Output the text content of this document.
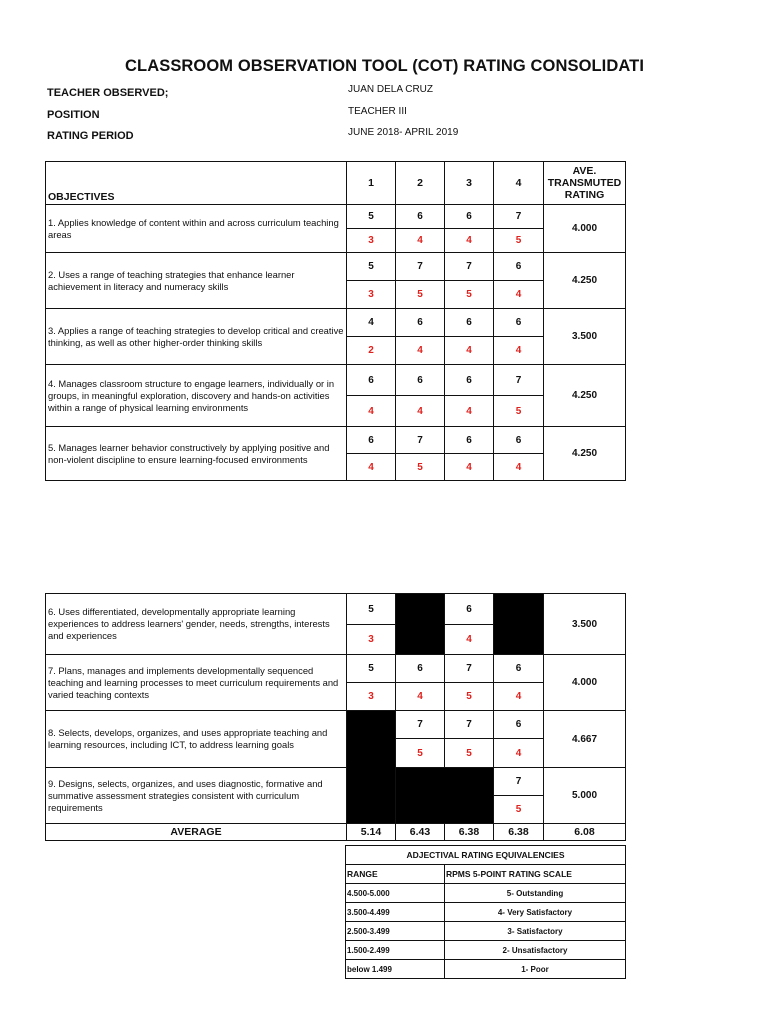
CLASSROOM OBSERVATION TOOL (COT) RATING CONSOLIDATI
TEACHER OBSERVED;	JUAN DELA CRUZ
POSITION	TEACHER III
RATING PERIOD	JUNE 2018- APRIL 2019
OBJECTIVES	1	2	3	4	AVE. TRANSMUTED RATING

1. Applies knowledge of content within and across curriculum teaching areas	5	6	6	7	4.000
	3	4	4	5	

2. Uses a range of teaching strategies that enhance learner achievement in literacy and numeracy skills	5	7	7	6	4.250
	3	5	5	4	

3. Applies a range of teaching strategies to develop critical and creative thinking, as well as other higher-order thinking skills	4	6	6	6	3.500
	2	4	4	4	

4. Manages classroom structure to engage learners, individually or in groups, in meaningful exploration, discovery and hands-on activities within a range of physical learning environments	6	6	6	7	4.250
	4	4	4	5	

5. Manages learner behavior constructively by applying positive and non-violent discipline to ensure learning-focused environments	6	7	6	6	4.250
	4	5	4	4	
6. Uses differentiated, developmentally appropriate learning experiences to address learners' gender, needs, strengths, interests and experiences	5		6		3.500
	3		4		

7. Plans, manages and implements developmentally sequenced teaching and learning processes to meet curriculum requirements and varied teaching contexts	5	6	7	6	4.000
	3	4	5	4	

8. Selects, develops, organizes, and uses appropriate teaching and learning resources, including ICT, to address learning goals		7	7	6	4.667
		5	5	4	

9. Designs, selects, organizes, and uses diagnostic, formative and summative assessment strategies consistent with curriculum requirements				7	5.000
				5	
AVERAGE	5.14	6.43	6.38	6.38	6.08
ADJECTIVAL RATING EQUIVALENCIES	
RANGE	RPMS 5-POINT RATING SCALE
4.500-5.000	5- Outstanding
3.500-4.499	4- Very Satisfactory
2.500-3.499	3- Satisfactory
1.500-2.499	2- Unsatisfactory
below 1.499	1- Poor
